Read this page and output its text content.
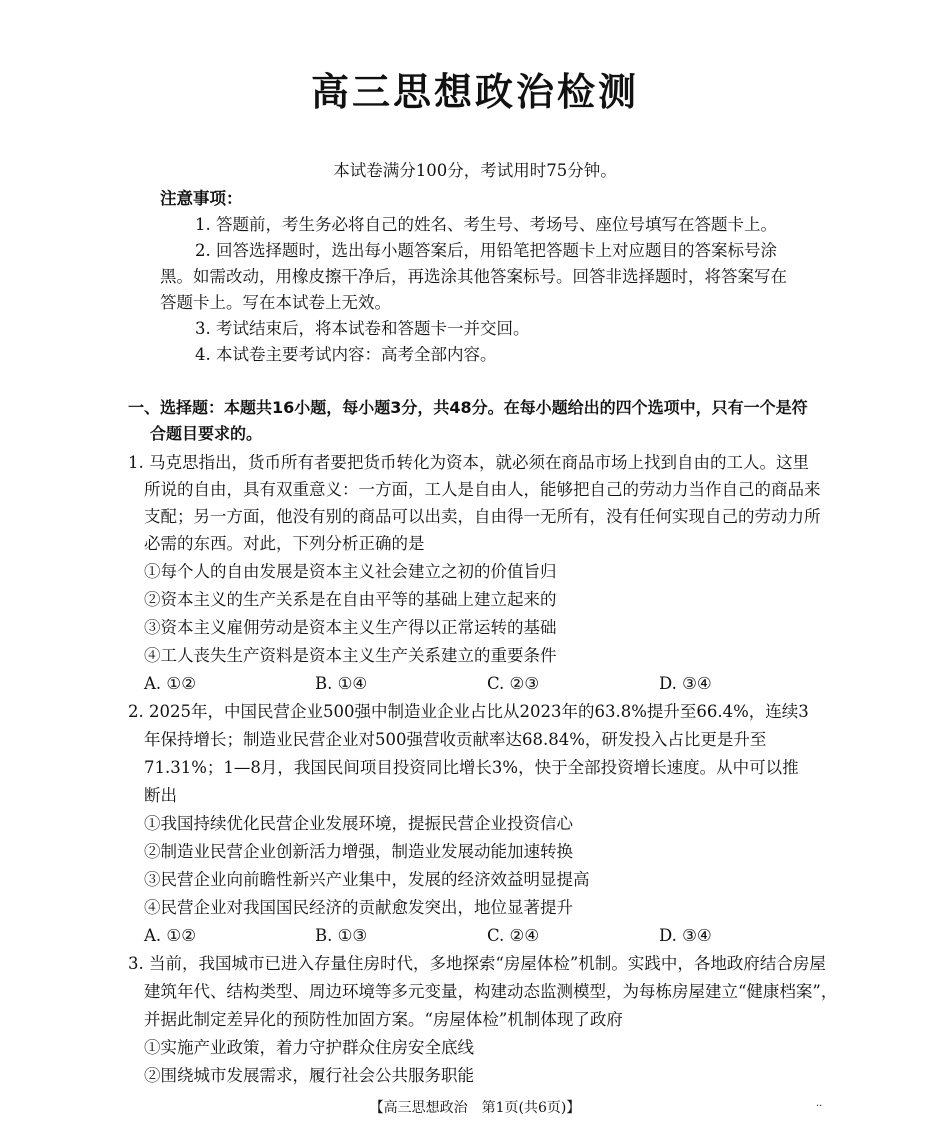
高三思想政治检测
本试卷满分100分，考试用时75分钟。
注意事项：
1. 答题前，考生务必将自己的姓名、考生号、考场号、座位号填写在答题卡上。
2. 回答选择题时，选出每小题答案后，用铅笔把答题卡上对应题目的答案标号涂
黑。如需改动，用橡皮擦干净后，再选涂其他答案标号。回答非选择题时，将答案写在
答题卡上。写在本试卷上无效。
3. 考试结束后，将本试卷和答题卡一并交回。
4. 本试卷主要考试内容：高考全部内容。
一、选择题：本题共16小题，每小题3分，共48分。在每小题给出的四个选项中，只有一个是符
合题目要求的。
1. 马克思指出，货币所有者要把货币转化为资本，就必须在商品市场上找到自由的工人。这里
所说的自由，具有双重意义：一方面，工人是自由人，能够把自己的劳动力当作自己的商品来
支配；另一方面，他没有别的商品可以出卖，自由得一无所有，没有任何实现自己的劳动力所
必需的东西。对此，下列分析正确的是
①每个人的自由发展是资本主义社会建立之初的价值旨归
②资本主义的生产关系是在自由平等的基础上建立起来的
③资本主义雇佣劳动是资本主义生产得以正常运转的基础
④工人丧失生产资料是资本主义生产关系建立的重要条件
A. ①②	B. ①④	C. ②③	D. ③④
2. 2025年，中国民营企业500强中制造业企业占比从2023年的63.8%提升至66.4%，连续3
年保持增长；制造业民营企业对500强营收贡献率达68.84%，研发投入占比更是升至
71.31%；1—8月，我国民间项目投资同比增长3%，快于全部投资增长速度。从中可以推
断出
①我国持续优化民营企业发展环境，提振民营企业投资信心
②制造业民营企业创新活力增强，制造业发展动能加速转换
③民营企业向前瞻性新兴产业集中，发展的经济效益明显提高
④民营企业对我国国民经济的贡献愈发突出，地位显著提升
A. ①②	B. ①③	C. ②④	D. ③④
3. 当前，我国城市已进入存量住房时代，多地探索“房屋体检”机制。实践中，各地政府结合房屋
建筑年代、结构类型、周边环境等多元变量，构建动态监测模型，为每栋房屋建立“健康档案”，
并据此制定差异化的预防性加固方案。“房屋体检”机制体现了政府
①实施产业政策，着力守护群众住房安全底线
②围绕城市发展需求，履行社会公共服务职能
【高三思想政治　第1页(共6页)】	··
